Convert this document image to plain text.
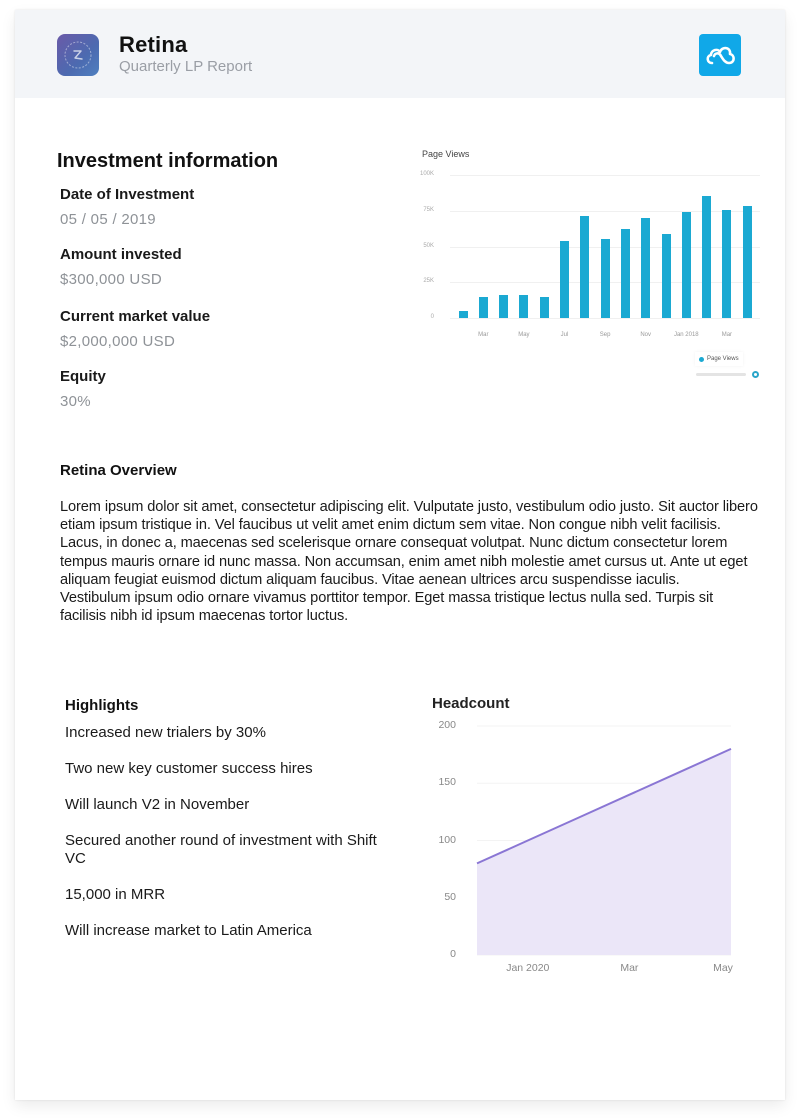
Retina
Quarterly LP Report
Investment information
Date of Investment
05 / 05 / 2019
Amount invested
$300,000 USD
Current market value
$2,000,000 USD
Equity
30%
Page Views
Page Views
0
25K
50K
75K
100K
Mar	May	Jul	Sep	Nov	Jan 2018	Mar
Retina Overview

Lorem ipsum dolor sit amet, consectetur adipiscing elit. Vulputate justo, vestibulum odio justo. Sit auctor libero etiam ipsum tristique in. Vel faucibus ut velit amet enim dictum sem vitae. Non congue nibh velit facilisis. Lacus, in donec a, maecenas sed scelerisque ornare consequat volutpat. Nunc dictum consectetur lorem tempus mauris ornare id nunc massa. Non accumsan, enim amet nibh molestie amet cursus ut. Ante ut eget aliquam feugiat euismod dictum aliquam faucibus. Vitae aenean ultrices arcu suspendisse iaculis.

Vestibulum ipsum odio ornare vivamus porttitor tempor. Eget massa tristique lectus nulla sed. Turpis sit facilisis nibh id ipsum maecenas tortor luctus.

Highlights
Increased new trialers by 30%
Two new key customer success hires
Will launch V2 in November
Secured another round of investment with Shift VC
15,000 in MRR
Will increase market to Latin America
Headcount
0
50
100
150
200
Jan 2020	Mar	May
